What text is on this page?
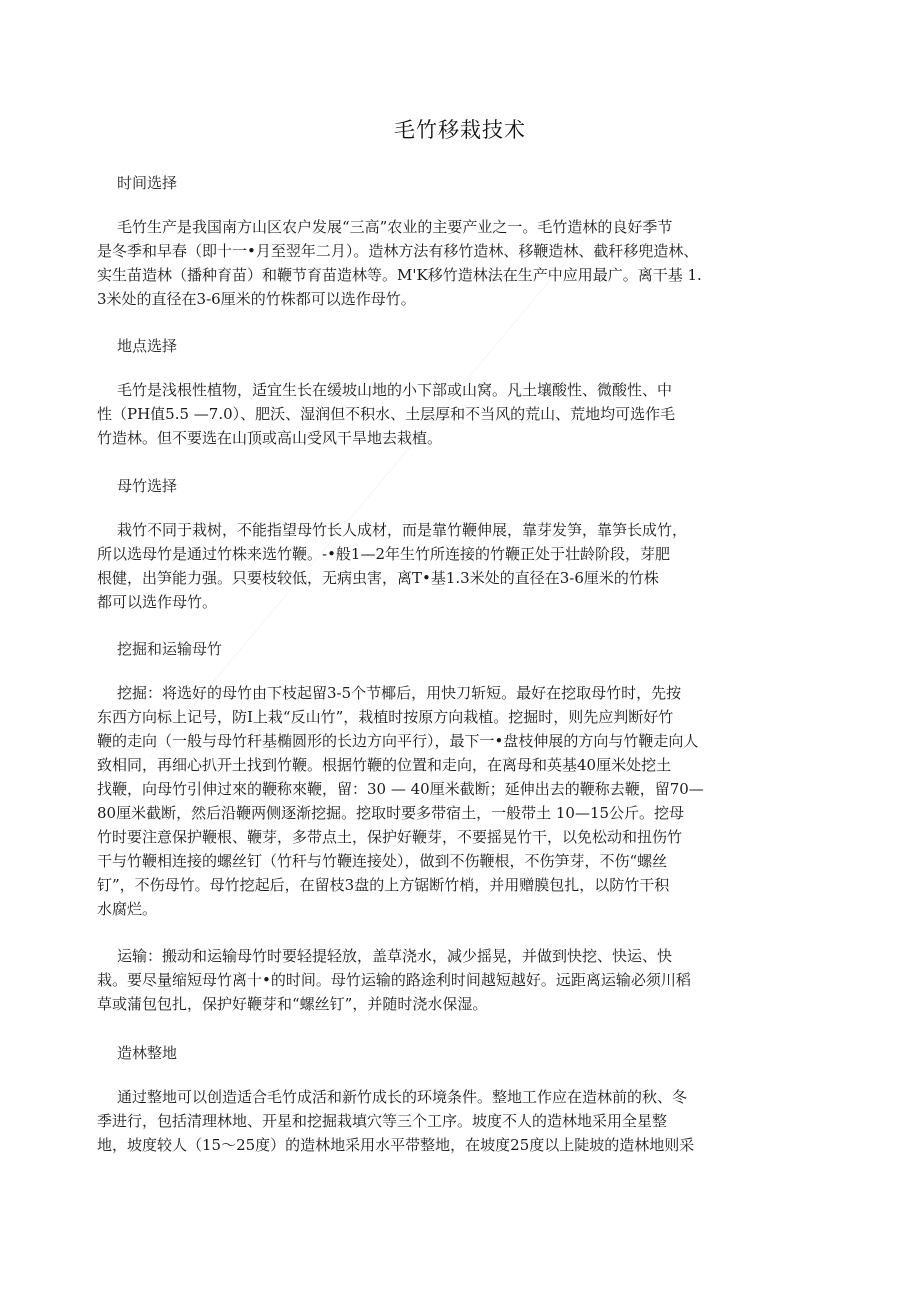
毛竹移栽技术
时间选择
毛竹生产是我国南方山区农户发展“三高”农业的主要产业之一。毛竹造林的良好季节
是冬季和早春（即十一•月至翌年二月）。造林方法有移竹造林、移鞭造林、截秆移兜造林、
实生苗造林（播种育苗）和鞭节育苗造林等。M'K移竹造林法在生产中应用最广。离干基 1.
3米处的直径在3-6厘米的竹株都可以选作母竹。
地点选择
毛竹是浅根性植物，适宜生长在缓坡山地的小下部或山窝。凡土壤酸性、微酸性、中
性（PH值5.5 —7.0）、肥沃、湿润但不积水、土层厚和不当风的荒山、荒地均可选作毛
竹造林。但不要选在山顶或高山受风干旱地去栽植。
母竹选择
栽竹不同于栽树，不能指望母竹长人成材，而是靠竹鞭伸展，靠芽发笋，靠笋长成竹，
所以选母竹是通过竹株来选竹鞭。-•般1—2年生竹所连接的竹鞭正处于壮龄阶段，芽肥
根健，出笋能力强。只要枝较低，无病虫害，离T•基1.3米处的直径在3-6厘米的竹株
都可以选作母竹。
挖掘和运输母竹
挖掘：将选好的母竹由下枝起留3-5个节椰后，用快刀斩短。最好在挖取母竹时，先按
东西方向标上记号，防I上栽“反山竹”，栽植时按原方向栽植。挖掘时，则先应判断好竹
鞭的走向（一般与母竹秆基椭圆形的长边方向平行），最下一•盘枝伸展的方向与竹鞭走向人
致相同，再细心扒开土找到竹鞭。根据竹鞭的位置和走向，在离母和英基40厘米处挖土
找鞭，向母竹引伸过來的鞭称來鞭，留：30 — 40厘米截断；延伸出去的鞭称去鞭，留70—
80厘米截断，然后沿鞭两侧逐渐挖掘。挖取时要多带宿土，一般带土 10—15公斤。挖母
竹时要注意保护鞭根、鞭芽，多带点土，保护好鞭芽，不要摇晃竹干，以免松动和扭伤竹
干与竹鞭相连接的螺丝钉（竹秆与竹鞭连接处），做到不伤鞭根，不伤笋芽，不伤“螺丝
钉”，不伤母竹。母竹挖起后，在留枝3盘的上方锯断竹梢，并用赠膜包扎，以防竹干积
水腐烂。
运输：搬动和运输母竹时要轻提轻放，盖草浇水，减少摇晃，并做到快挖、快运、快
栽。要尽量缩短母竹离十•的时间。母竹运输的路途利时间越短越好。远距离运输必须川稻
草或蒲包包扎，保护好鞭芽和“螺丝钉”，并随时浇水保湿。
造林整地
通过整地可以创造适合毛竹成活和新竹成长的环境条件。整地工作应在造林前的秋、冬
季进行，包括清理林地、开星和挖掘栽填穴等三个工序。坡度不人的造林地采用全星整
地，坡度较人（15～25度）的造林地采用水平带整地，在坡度25度以上陡坡的造林地则采
